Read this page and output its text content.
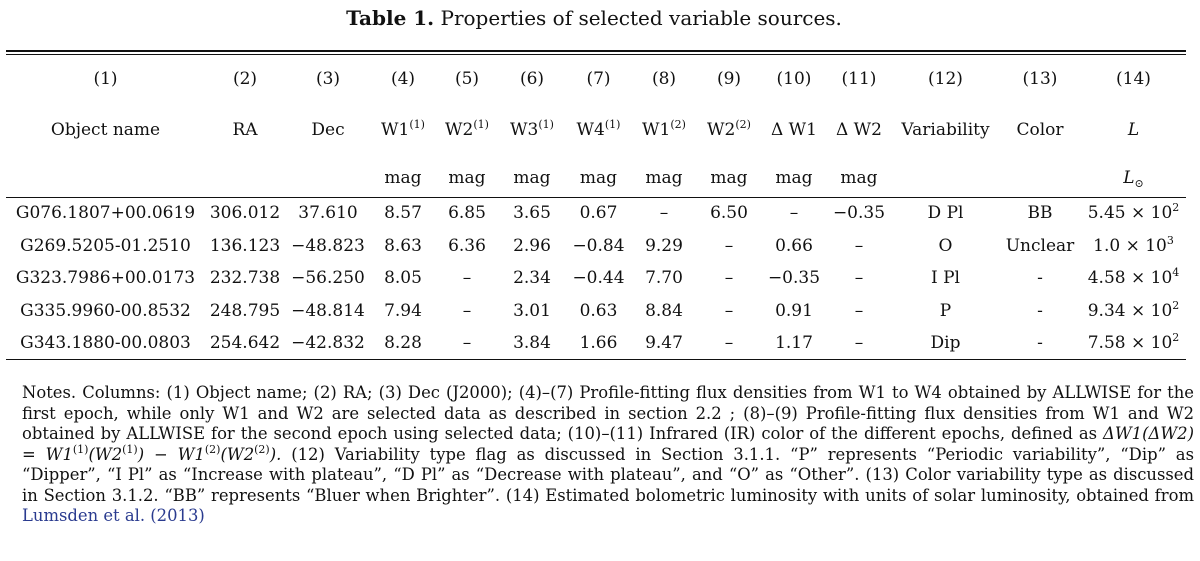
Table 1. Properties of selected variable sources.
(1)	(2)	(3)	(4)	(5)	(6)	(7)	(8)	(9)	(10)	(11)	(12)	(13)	(14)
Object name	RA	Dec	W1$^{(1)}$	W2$^{(1)}$	W3$^{(1)}$	W4$^{(1)}$	W1$^{(2)}$	W2$^{(2)}$	Δ W1	Δ W2	Variability	Color	L
			mag	mag	mag	mag	mag	mag	mag	mag			$L_⊙$
G076.1807+00.0619	306.012	37.610	8.57	6.85	3.65	0.67	–	6.50	–	−0.35	D Pl	BB	$5.45 \times 10^2$
G269.5205-01.2510	136.123	−48.823	8.63	6.36	2.96	−0.84	9.29	–	0.66	–	O	Unclear	$1.0 \times 10^3$
G323.7986+00.0173	232.738	−56.250	8.05	–	2.34	−0.44	7.70	–	−0.35	–	I Pl	-	$4.58 \times 10^4$
G335.9960-00.8532	248.795	−48.814	7.94	–	3.01	0.63	8.84	–	0.91	–	P	-	$9.34 \times 10^2$
G343.1880-00.0803	254.642	−42.832	8.28	–	3.84	1.66	9.47	–	1.17	–	Dip	-	$7.58 \times 10^2$
Notes. Columns: (1) Object name; (2) RA; (3) Dec (J2000); (4)–(7) Profile-fitting flux densities from W1 to W4 obtained by ALLWISE for the first epoch, while only W1 and W2 are selected data as described in section 2.2 ; (8)–(9) Profile-fitting flux densities from W1 and W2 obtained by ALLWISE for the second epoch using selected data; (10)–(11) Infrared (IR) color of the different epochs, defined as $\Delta W1(\Delta W2) = W1^{(1)}(W2^{(1)}) - W1^{(2)}(W2^{(2)})$. (12) Variability type flag as discussed in Section 3.1.1. “P” represents “Periodic variability”, “Dip” as “Dipper”, “I Pl” as “Increase with plateau”, “D Pl” as “Decrease with plateau”, and “O” as “Other”. (13) Color variability type as discussed in Section 3.1.2. “BB” represents “Bluer when Brighter”. (14) Estimated bolometric luminosity with units of solar luminosity, obtained from Lumsden et al. (2013)
